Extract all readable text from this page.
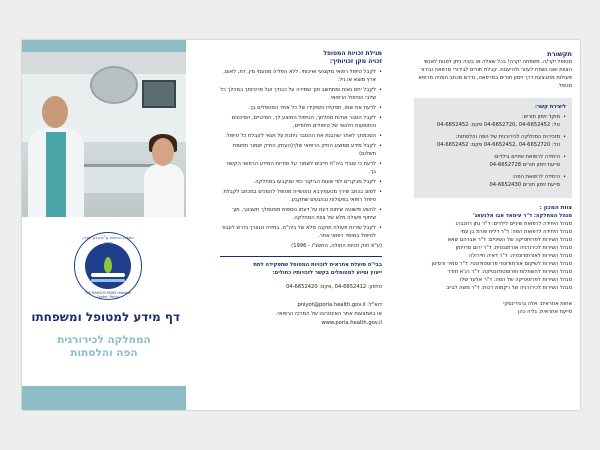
המרכז הרפואי ע"ש ברוך פדה,
THE BARUCH PADEH Medical Center, Poriya
דף מידע למטופל ומשפחתו
המחלקה לכירורגית
הפה והלסתות
מגילת זכויות המטופל

זכויה מקן זכויותיך:

• לקבל טיפול רפואי מקצועי ואיכותי, ללא הפליה מטעמי מין, דת, לאום, ארץ מוצא או גיל.
• לקבל יחס נאות ומתחשב תוך שמירה על כבודך ועל פרטיותך במהלך כל שלבי הטיפול הרפואי.
• לדעת את שמו, תפקידו ותפקידו של כל אחד המטפלים בך.
• לקבל הסבר אודות מחלתך, הטיפול המוצע לך, הסיכויים, הסיכונים והתופעות הלוואי של טיפולים חלופיים.
• הסכמתך לאחר שהבנת את ההסבר ניתנת על תנאי לקבלת כל טיפול.
• לקבל מידע ממוצע החיק הרפואי שלך(העתק החיק ישמור תחומת תשלום)
• לדעת כי עובדי ביה"ח חייבים לשמור על סודיות המידע הרפואי הקשור בך.
• לקבל מבקרים לפי שעות הביקור כפי שנקבעו במחלקה.
• לסווג בכתב שירך מטעמיךבא נהטשייה מטופל להסכים במכתב לקבלת טיפול רפואי בפעולות ובהגעים שתקבע.
• להשיג פישוטה שיחות דעת על דעתו נוספות ממטפלך חשבונך, תוך שיתוף פעולה מלא של צוות המחלקה.
• לקבל שירות פעולה תוקנה מלא של ביה"ח, במידה וננצרך גדרש לעבור לטיפול במוסד רפואי אחר.
(ע"פ חוק זכויות החולה, התשנ"ו - 1996)
בבי"ח פועלת אחראית לזכויות המטופל שתפקידה לתת
ייעוץ וסיוע למטופלים בקשר לזכויותיו כחולים:
טלפון: 04-6652412 ,פקס: 04-6652420
דוא"ל: pniyot@poria.health.gov.il
או באמצעות אתר האינטרנט של המרכז הרפואי:
www.poria.health.gov.il
תקשורת
מטופל יקר/ה, משפחה יקרה! בכל שאלה או בעיה ניתן לפנות לאנשי הצוות ואנו נשמח לעזור ולהיענות. קבלת תורים לבירורי מרפאה ובירור פעולות מתבצעת דרך זימון תורים במרפאה, נדרש מכתב הפניה מרופא מטפל.
ליצירת קשר:
• מוקד זימון תורים:
טל: 04-6652452 ,04-6652720 פקס: 04-6652452
• מזכירות המחלקה לכירורגית של הפה והלסתות:
טל: 04-6652720 ,04-6652452 פקס: 04-6652452
• היחידה לרפואת שיניים בילדים:
סייעת זימון תורים 04-6652728
• היחידה לרפואת הפה:
סייעת זימון תורים 04-6652430
צוות המכון :
מנהל המחלקה: ד"ר עימאד אבו אלנעאג'

מנהל היחידה לרפואת שיניים לילדים: ד"ר נתן רוזנברג

מנהל היחידה לרפואת הפה: ד"ר דלית פורת בן עמי

מנהל השירות לפרותטיקה של השיניים: ד"ר אברהם שאא

מנהל השירות לכירורגיה אורתגנטית: ד"ר ירום סרויזמן

מנהל השירות לאורתודונטיה: ד"ר דאיה חיירולה

מנהל השירות לשיקום אורתודונטי פרוסטודונטי: ד"ר סמיר ורסינון

מנהל השירות להשתלות ופרוסטודונטיקה: ד"ר רג'א חודר

מנהל השירות לפרוטטיקה של הפה: ד"ר אלעד שלו

מנהל השירות לכירורגיה של רקמות רכות: ד"ר משה לבייב

אחות אחראית: אלה גרגירינסקי
סייעת אחראית: גליה כהן
